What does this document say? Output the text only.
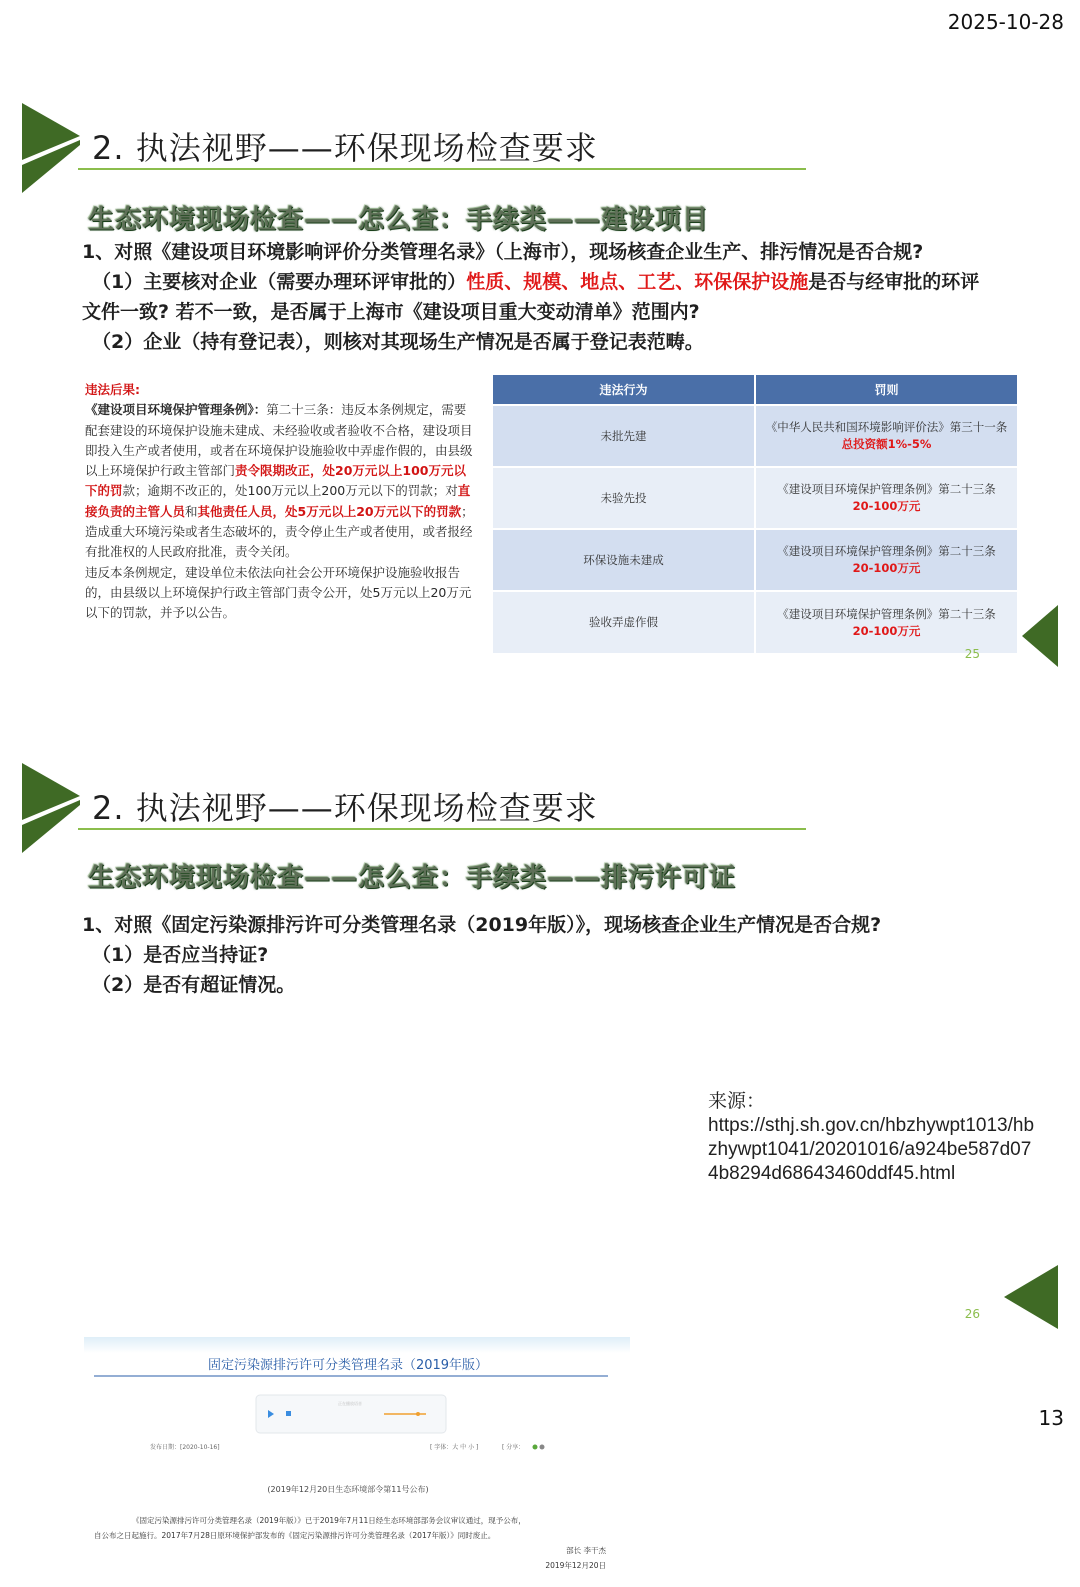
2025-10-28
2. 执法视野——环保现场检查要求
生态环境现场检查——怎么查：手续类——建设项目
1、对照《建设项目环境影响评价分类管理名录》（上海市），现场核查企业生产、排污情况是否合规?
（1）主要核对企业（需要办理环评审批的）性质、规模、地点、工艺、环保保护设施是否与经审批的环评
文件一致? 若不一致，是否属于上海市《建设项目重大变动清单》范围内?
（2）企业（持有登记表），则核对其现场生产情况是否属于登记表范畴。
违法后果:
《建设项目环境保护管理条例》：第二十三条：违反本条例规定，需要配套建设的环境保护设施未建成、未经验收或者验收不合格，建设项目即投入生产或者使用，或者在环境保护设施验收中弄虚作假的，由县级以上环境保护行政主管部门责令限期改正，处20万元以上100万元以下的罚款；逾期不改正的，处100万元以上200万元以下的罚款；对直接负责的主管人员和其他责任人员，处5万元以上20万元以下的罚款；造成重大环境污染或者生态破坏的，责令停止生产或者使用，或者报经有批准权的人民政府批准，责令关闭。
违反本条例规定，建设单位未依法向社会公开环境保护设施验收报告的，由县级以上环境保护行政主管部门责令公开，处5万元以上20万元以下的罚款，并予以公告。
违法行为	罚则
未批先建	《中华人民共和国环境影响评价法》第三十一条
总投资额1%-5%

未验先投	《建设项目环境保护管理条例》第二十三条
20-100万元

环保设施未建成	《建设项目环境保护管理条例》第二十三条
20-100万元

验收弄虚作假	《建设项目环境保护管理条例》第二十三条
20-100万元
25
2. 执法视野——环保现场检查要求
生态环境现场检查——怎么查：手续类——排污许可证
1、对照《固定污染源排污许可分类管理名录（2019年版）》，现场核查企业生产情况是否合规?
（1）是否应当持证?
（2）是否有超证情况。
固定污染源排污许可分类管理名录（2019年版）
正在播放语音
发布日期：[2020-10-16]	[ 字体：大 中 小 ]	[ 分享：
(2019年12月20日生态环境部令第11号公布)
《固定污染源排污许可分类管理名录（2019年版）》已于2019年7月11日经生态环境部部务会议审议通过，现予公布，
自公布之日起施行。2017年7月28日原环境保护部发布的《固定污染源排污许可分类管理名录（2017年版）》同时废止。
部长 李干杰
2019年12月20日
来源：
https://sthj.sh.gov.cn/hbzhywpt1013/hbzhywpt1041/20201016/a924be587d074b8294d68643460ddf45.html
26
13
